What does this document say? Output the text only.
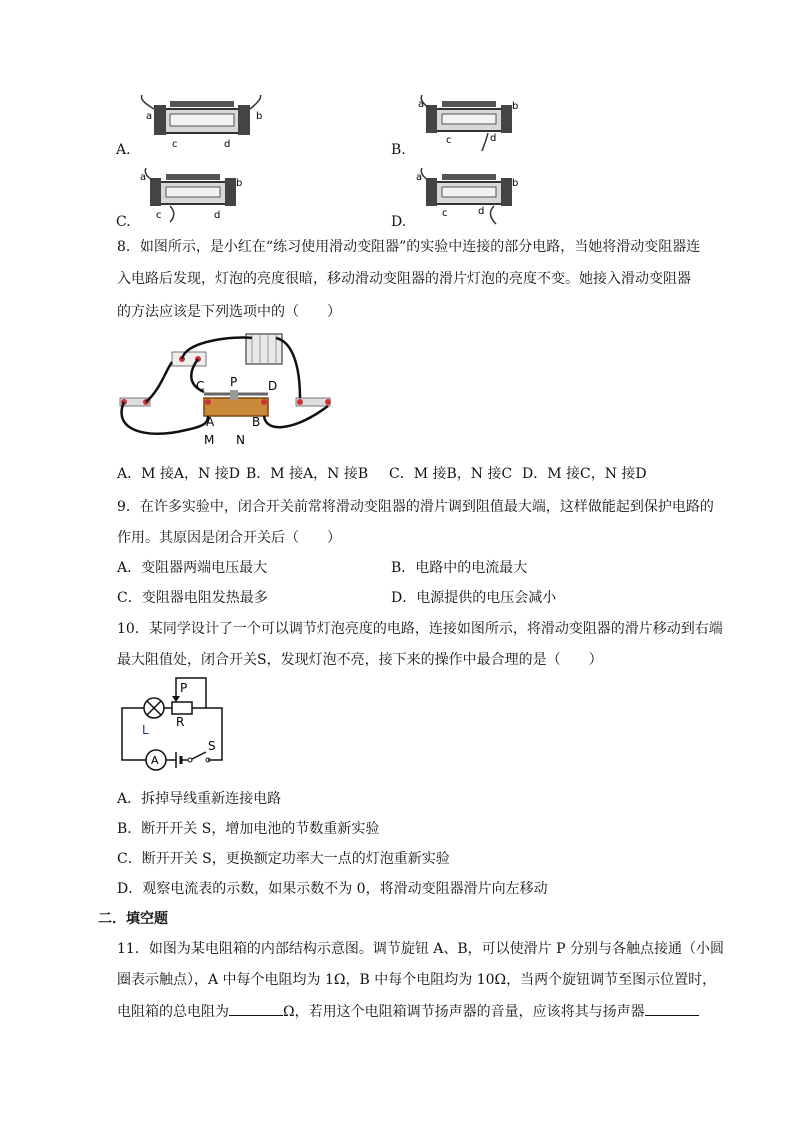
A.
a	b
c	d	B.
a	b
c	d
C.
a
b
c	d	D.
a
b
c	d
8．如图所示，是小红在“练习使用滑动变阻器”的实验中连接的部分电路，当她将滑动变阻器连
入电路后发现，灯泡的亮度很暗，移动滑动变阻器的滑片灯泡的亮度不变。她接入滑动变阻器
的方法应该是下列选项中的（　　）
C P	D
A	B
M N
A．M 接A，N 接D B．M 接A，N 接B C．M 接B，N 接C D．M 接C，N 接D
9．在许多实验中，闭合开关前常将滑动变阻器的滑片调到阻值最大端，这样做能起到保护电路的
作用。其原因是闭合开关后（　　）
A．变阻器两端电压最大	B．电路中的电流最大
C．变阻器电阻发热最多	D．电源提供的电压会减小
10．某同学设计了一个可以调节灯泡亮度的电路，连接如图所示，将滑动变阻器的滑片移动到右端
最大阻值处，闭合开关S，发现灯泡不亮，接下来的操作中最合理的是（　　）
P
R
L
A
S
A．拆掉导线重新连接电路
B．断开开关 S，增加电池的节数重新实验
C．断开开关 S，更换额定功率大一点的灯泡重新实验
D．观察电流表的示数，如果示数不为 0，将滑动变阻器滑片向左移动
二．填空题
11．如图为某电阻箱的内部结构示意图。调节旋钮 A、B，可以使滑片 P 分别与各触点接通（小圆
圈表示触点），A 中每个电阻均为 1Ω，B 中每个电阻均为 10Ω，当两个旋钮调节至图示位置时，
电阻箱的总电阻为	Ω，若用这个电阻箱调节扬声器的音量，应该将其与扬声器
